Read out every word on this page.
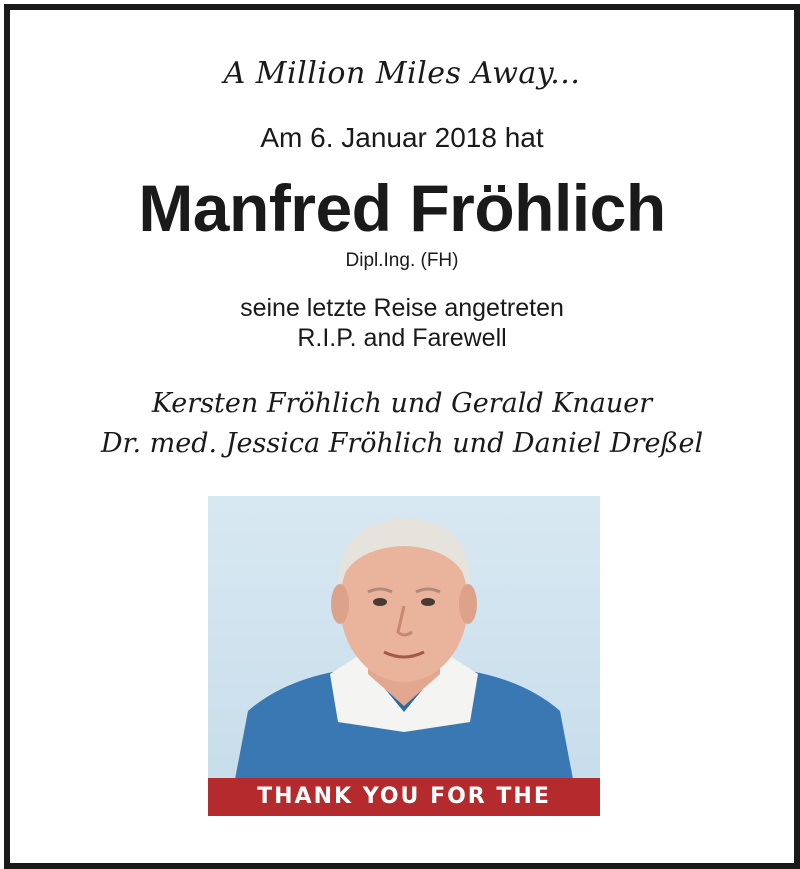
A Million Miles Away...
Am 6. Januar 2018 hat
Manfred Fröhlich
Dipl.Ing. (FH)
seine letzte Reise angetreten
R.I.P. and Farewell
Kersten Fröhlich und Gerald Knauer
Dr. med. Jessica Fröhlich und Daniel Dreßel
THANK YOU FOR THE MEMORIES
